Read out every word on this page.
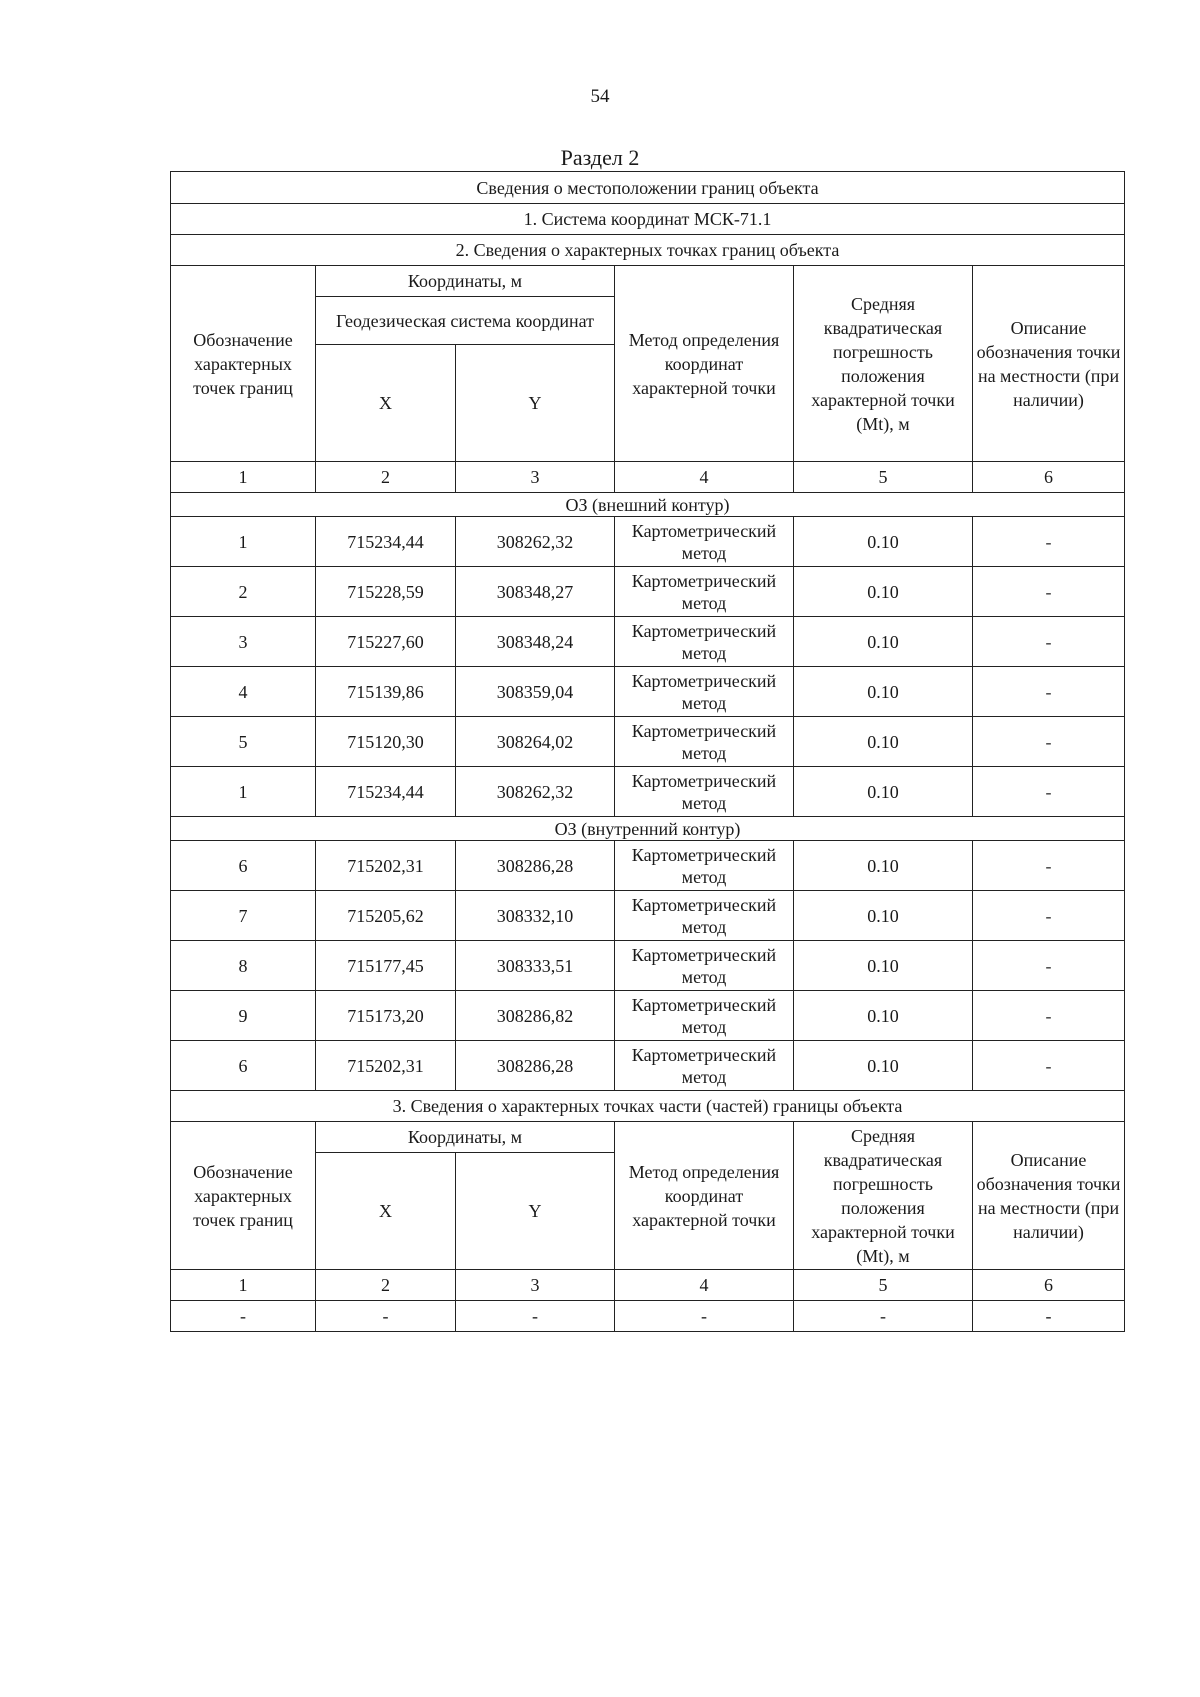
54
Раздел 2
Сведения о местоположении границ объекта					
1. Система координат МСК-71.1					
2. Сведения о характерных точках границ объекта					
Обозначение характерных точек границ	Координаты, м		Метод определения координат характерной точки	Средняя квадратическая погрешность положения характерной точки (Mt), м	Описание обозначения точки на местности (при наличии)
	Геодезическая система координат				
	X	Y			
1	2	3	4	5	6
ОЗ (внешний контур)					
1	715234,44	308262,32	Картометрический метод	0.10	-
2	715228,59	308348,27	Картометрический метод	0.10	-
3	715227,60	308348,24	Картометрический метод	0.10	-
4	715139,86	308359,04	Картометрический метод	0.10	-
5	715120,30	308264,02	Картометрический метод	0.10	-
1	715234,44	308262,32	Картометрический метод	0.10	-
ОЗ (внутренний контур)					
6	715202,31	308286,28	Картометрический метод	0.10	-
7	715205,62	308332,10	Картометрический метод	0.10	-
8	715177,45	308333,51	Картометрический метод	0.10	-
9	715173,20	308286,82	Картометрический метод	0.10	-
6	715202,31	308286,28	Картометрический метод	0.10	-
3. Сведения о характерных точках части (частей) границы объекта					
Обозначение характерных точек границ	Координаты, м		Метод определения координат характерной точки	Средняя квадратическая погрешность положения характерной точки (Mt), м	Описание обозначения точки на местности (при наличии)
	X	Y			
1	2	3	4	5	6
-	-	-	-	-	-
